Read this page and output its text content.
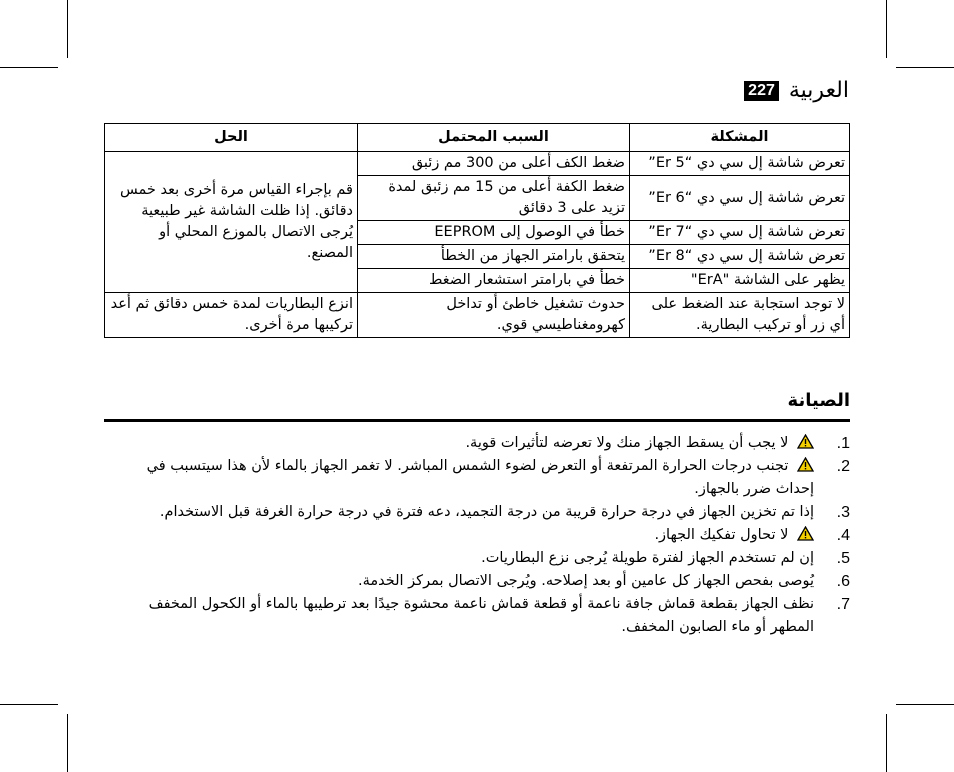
العربية
227
المشكلة	السبب المحتمل	الحل
تعرض شاشة إل سي دي “Er 5”	ضغط الكف أعلى من 300 مم زئبق	قم بإجراء القياس مرة أخرى بعد خمس دقائق. إذا ظلت الشاشة غير طبيعية يُرجى الاتصال بالموزع المحلي أو المصنع.
تعرض شاشة إل سي دي “Er 6”	ضغط الكفة أعلى من 15 مم زئبق لمدة تزيد على 3 دقائق	
تعرض شاشة إل سي دي “Er 7”	خطأ في الوصول إلى EEPROM	
تعرض شاشة إل سي دي “Er 8”	يتحقق بارامتر الجهاز من الخطأ	
يظهر على الشاشة "ErA"	خطأ في بارامتر استشعار الضغط	
لا توجد استجابة عند الضغط على أي زر أو تركيب البطارية.	حدوث تشغيل خاطئ أو تداخل كهرومغناطيسي قوي.	انزع البطاريات لمدة خمس دقائق ثم أعد تركيبها مرة أخرى.
الصيانة
1.
لا يجب أن يسقط الجهاز منك ولا تعرضه لتأثيرات قوية.
2.
تجنب درجات الحرارة المرتفعة أو التعرض لضوء الشمس المباشر. لا تغمر الجهاز بالماء لأن هذا سيتسبب في إحداث ضرر بالجهاز.
3.
إذا تم تخزين الجهاز في درجة حرارة قريبة من درجة التجميد، دعه فترة في درجة حرارة الغرفة قبل الاستخدام.
4.
لا تحاول تفكيك الجهاز.
5.
إن لم تستخدم الجهاز لفترة طويلة يُرجى نزع البطاريات.
6.
يُوصى بفحص الجهاز كل عامين أو بعد إصلاحه. ويُرجى الاتصال بمركز الخدمة.
7.
نظف الجهاز بقطعة قماش جافة ناعمة أو قطعة قماش ناعمة محشوة جيدًا بعد ترطيبها بالماء أو الكحول المخفف المطهر أو ماء الصابون المخفف.
